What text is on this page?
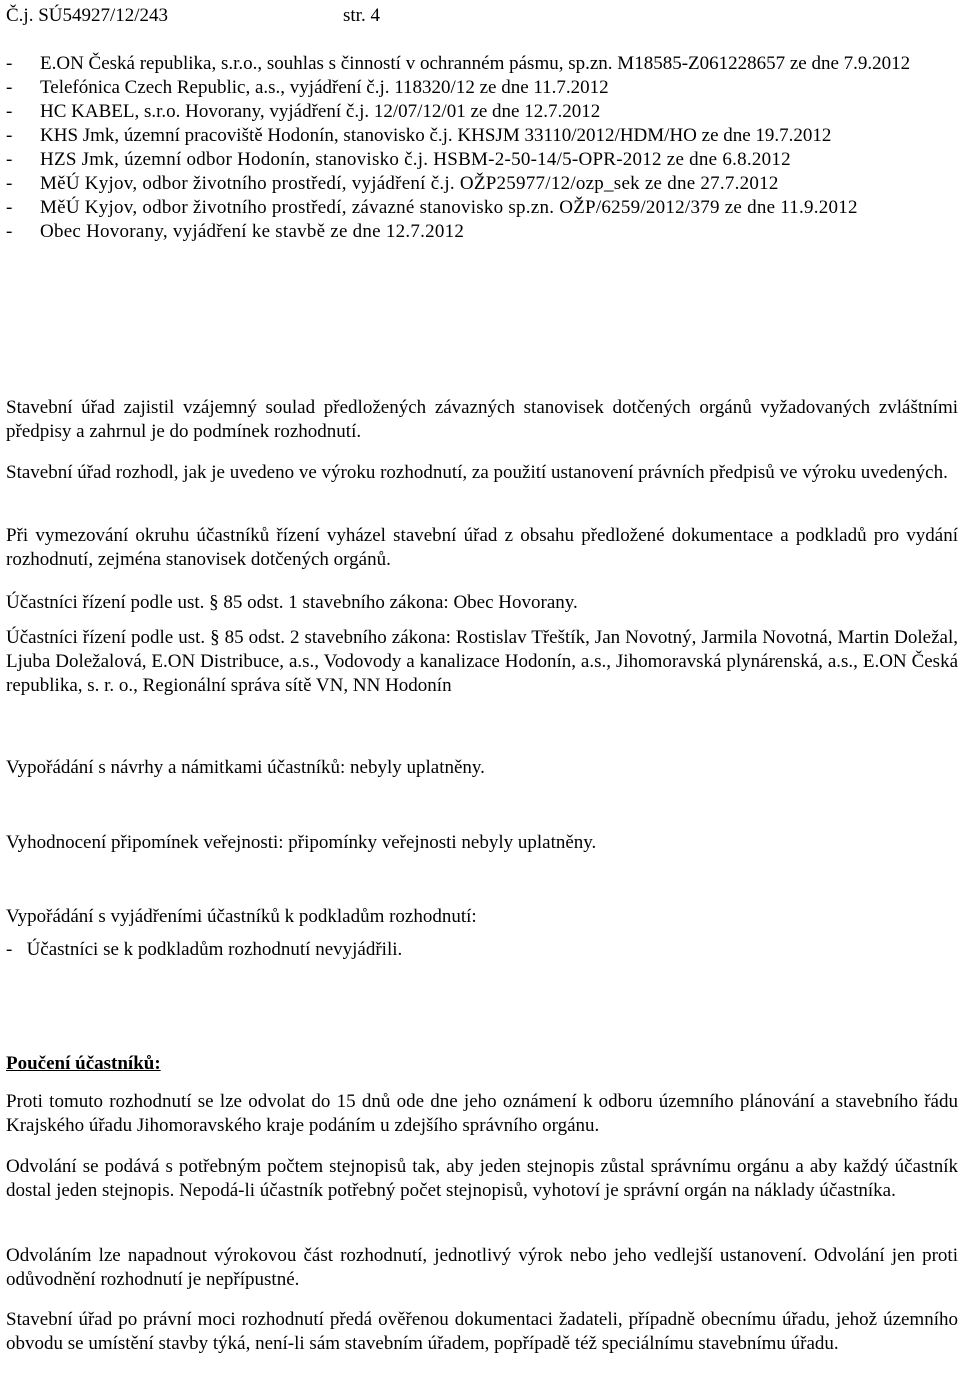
Č.j. SÚ54927/12/243	str. 4
- E.ON Česká republika, s.r.o., souhlas s činností v ochranném pásmu, sp.zn. M18585-Z061228657 ze dne 7.9.2012
- Telefónica Czech Republic, a.s., vyjádření č.j. 118320/12 ze dne 11.7.2012
- HC KABEL, s.r.o. Hovorany, vyjádření č.j. 12/07/12/01 ze dne 12.7.2012
- KHS Jmk, územní pracoviště Hodonín, stanovisko č.j. KHSJM 33110/2012/HDM/HO ze dne 19.7.2012
- HZS Jmk, územní odbor Hodonín, stanovisko č.j. HSBM-2-50-14/5-OPR-2012 ze dne 6.8.2012
- MěÚ Kyjov, odbor životního prostředí, vyjádření č.j. OŽP25977/12/ozp_sek ze dne 27.7.2012
- MěÚ Kyjov, odbor životního prostředí, závazné stanovisko sp.zn. OŽP/6259/2012/379 ze dne 11.9.2012
- Obec Hovorany, vyjádření ke stavbě ze dne 12.7.2012

Stavební úřad zajistil vzájemný soulad předložených závazných stanovisek dotčených orgánů vyžadovaných zvláštními předpisy a zahrnul je do podmínek rozhodnutí.

Stavební úřad rozhodl, jak je uvedeno ve výroku rozhodnutí, za použití ustanovení právních předpisů ve výroku uvedených.

Při vymezování okruhu účastníků řízení vyházel stavební úřad z obsahu předložené dokumentace a podkladů pro vydání rozhodnutí, zejména stanovisek dotčených orgánů.

Účastníci řízení podle ust. § 85 odst. 1 stavebního zákona: Obec Hovorany.

Účastníci řízení podle ust. § 85 odst. 2 stavebního zákona: Rostislav Třeštík, Jan Novotný, Jarmila Novotná, Martin Doležal, Ljuba Doležalová, E.ON Distribuce, a.s., Vodovody a kanalizace Hodonín, a.s., Jihomoravská plynárenská, a.s., E.ON Česká republika, s. r. o., Regionální správa sítě VN, NN Hodonín

Vypořádání s návrhy a námitkami účastníků: nebyly uplatněny.

Vyhodnocení připomínek veřejnosti: připomínky veřejnosti nebyly uplatněny.

Vypořádání s vyjádřeními účastníků k podkladům rozhodnutí:

-   Účastníci se k podkladům rozhodnutí nevyjádřili.

Poučení účastníků:

Proti tomuto rozhodnutí se lze odvolat do 15 dnů ode dne jeho oznámení k odboru územního plánování a stavebního řádu Krajského úřadu Jihomoravského kraje podáním u zdejšího správního orgánu.

Odvolání se podává s potřebným počtem stejnopisů tak, aby jeden stejnopis zůstal správnímu orgánu a aby každý účastník dostal jeden stejnopis. Nepodá-li účastník potřebný počet stejnopisů, vyhotoví je správní orgán na náklady účastníka.

Odvoláním lze napadnout výrokovou část rozhodnutí, jednotlivý výrok nebo jeho vedlejší ustanovení. Odvolání jen proti odůvodnění rozhodnutí je nepřípustné.

Stavební úřad po právní moci rozhodnutí předá ověřenou dokumentaci žadateli, případně obecnímu úřadu, jehož územního obvodu se umístění stavby týká, není-li sám stavebním úřadem, popřípadě též speciálnímu stavebnímu úřadu.
